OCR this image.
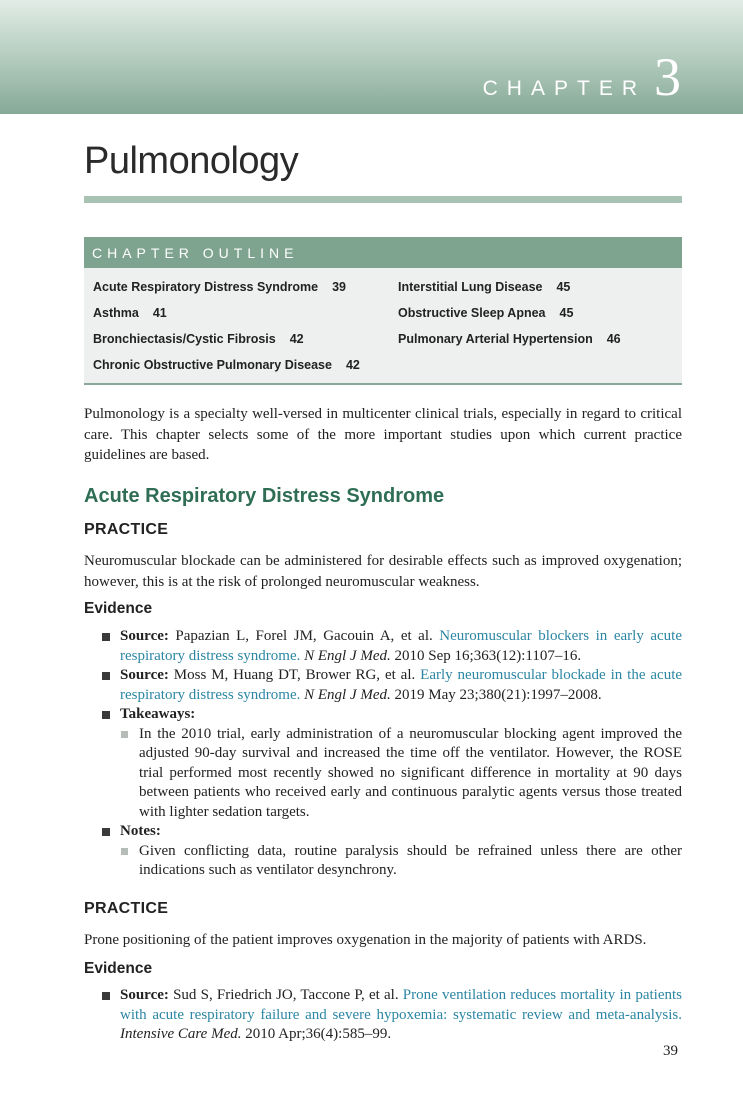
CHAPTER 3
Pulmonology
CHAPTER OUTLINE
Acute Respiratory Distress Syndrome 39
Asthma 41
Bronchiectasis/Cystic Fibrosis 42
Chronic Obstructive Pulmonary Disease 42
Interstitial Lung Disease 45
Obstructive Sleep Apnea 45
Pulmonary Arterial Hypertension 46

Pulmonology is a specialty well-versed in multicenter clinical trials, especially in regard to critical care. This chapter selects some of the more important studies upon which current practice guidelines are based.

Acute Respiratory Distress Syndrome
PRACTICE

Neuromuscular blockade can be administered for desirable effects such as improved oxygenation; however, this is at the risk of prolonged neuromuscular weakness.

Evidence
Source: Papazian L, Forel JM, Gacouin A, et al. Neuromuscular blockers in early acute respiratory distress syndrome. N Engl J Med. 2010 Sep 16;363(12):1107–16.
Source: Moss M, Huang DT, Brower RG, et al. Early neuromuscular blockade in the acute respiratory distress syndrome. N Engl J Med. 2019 May 23;380(21):1997–2008.
Takeaways:
In the 2010 trial, early administration of a neuromuscular blocking agent improved the adjusted 90-day survival and increased the time off the ventilator. However, the ROSE trial performed most recently showed no significant difference in mortality at 90 days between patients who received early and continuous paralytic agents versus those treated with lighter sedation targets.
Notes:
Given conflicting data, routine paralysis should be refrained unless there are other indications such as ventilator desynchrony.
PRACTICE

Prone positioning of the patient improves oxygenation in the majority of patients with ARDS.

Evidence
Source: Sud S, Friedrich JO, Taccone P, et al. Prone ventilation reduces mortality in patients with acute respiratory failure and severe hypoxemia: systematic review and meta-analysis. Intensive Care Med. 2010 Apr;36(4):585–99.
39
